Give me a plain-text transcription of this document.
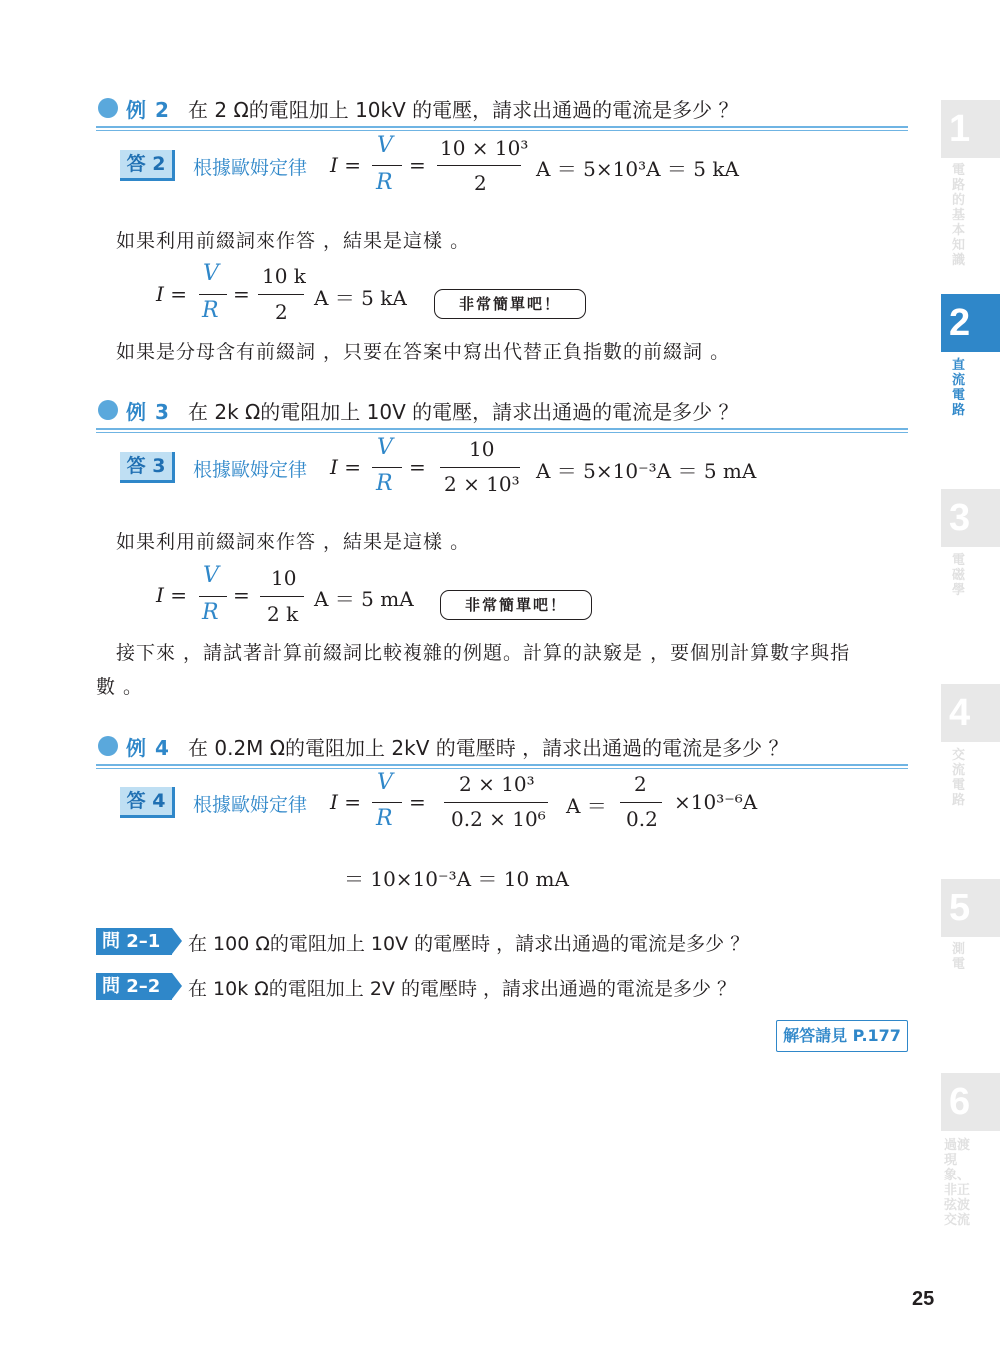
例 2 在 2 Ω的電阻加上 10kV 的電壓，請求出通過的電流是多少 ？
答 2	根據歐姆定律 I =
V
R
=
10 × 10³
2
A ＝ 5×10³A ＝ 5 kA
如果利用前綴詞來作答 ，結果是這樣 。
I =
V
R
=
10 k
2
A ＝ 5 kA	非常簡單吧！
如果是分母含有前綴詞 ，只要在答案中寫出代替正負指數的前綴詞 。
例 3 在 2k Ω的電阻加上 10V 的電壓，請求出通過的電流是多少 ？
答 3	根據歐姆定律 I =
V
R
=
10
2 × 10³
A ＝ 5×10⁻³A ＝ 5 mA
如果利用前綴詞來作答 ，結果是這樣 。
I =
V
R
=
10
2 k
A ＝ 5 mA	非常簡單吧！
接下來 ，請試著計算前綴詞比較複雜的例題。計算的訣竅是 ，要個別計算數字與指
數 。
例 4 在 0.2M Ω的電阻加上 2kV 的電壓時 ，請求出通過的電流是多少 ？
答 4	根據歐姆定律 I =
V
R
=
2 × 10³
0.2 × 10⁶
A ＝
2
0.2
×10³⁻⁶A
＝ 10×10⁻³A ＝ 10 mA
問 2–1	在 100 Ω的電阻加上 10V 的電壓時 ，請求出通過的電流是多少 ？
問 2–2	在 10k Ω的電阻加上 2V 的電壓時 ，請求出通過的電流是多少 ？
解答請見 P.177
1
電路的基本知識
2
直流電路
3
電磁學
4
交流電路
5
測電
6
過渡現象、非正弦波交流
25
